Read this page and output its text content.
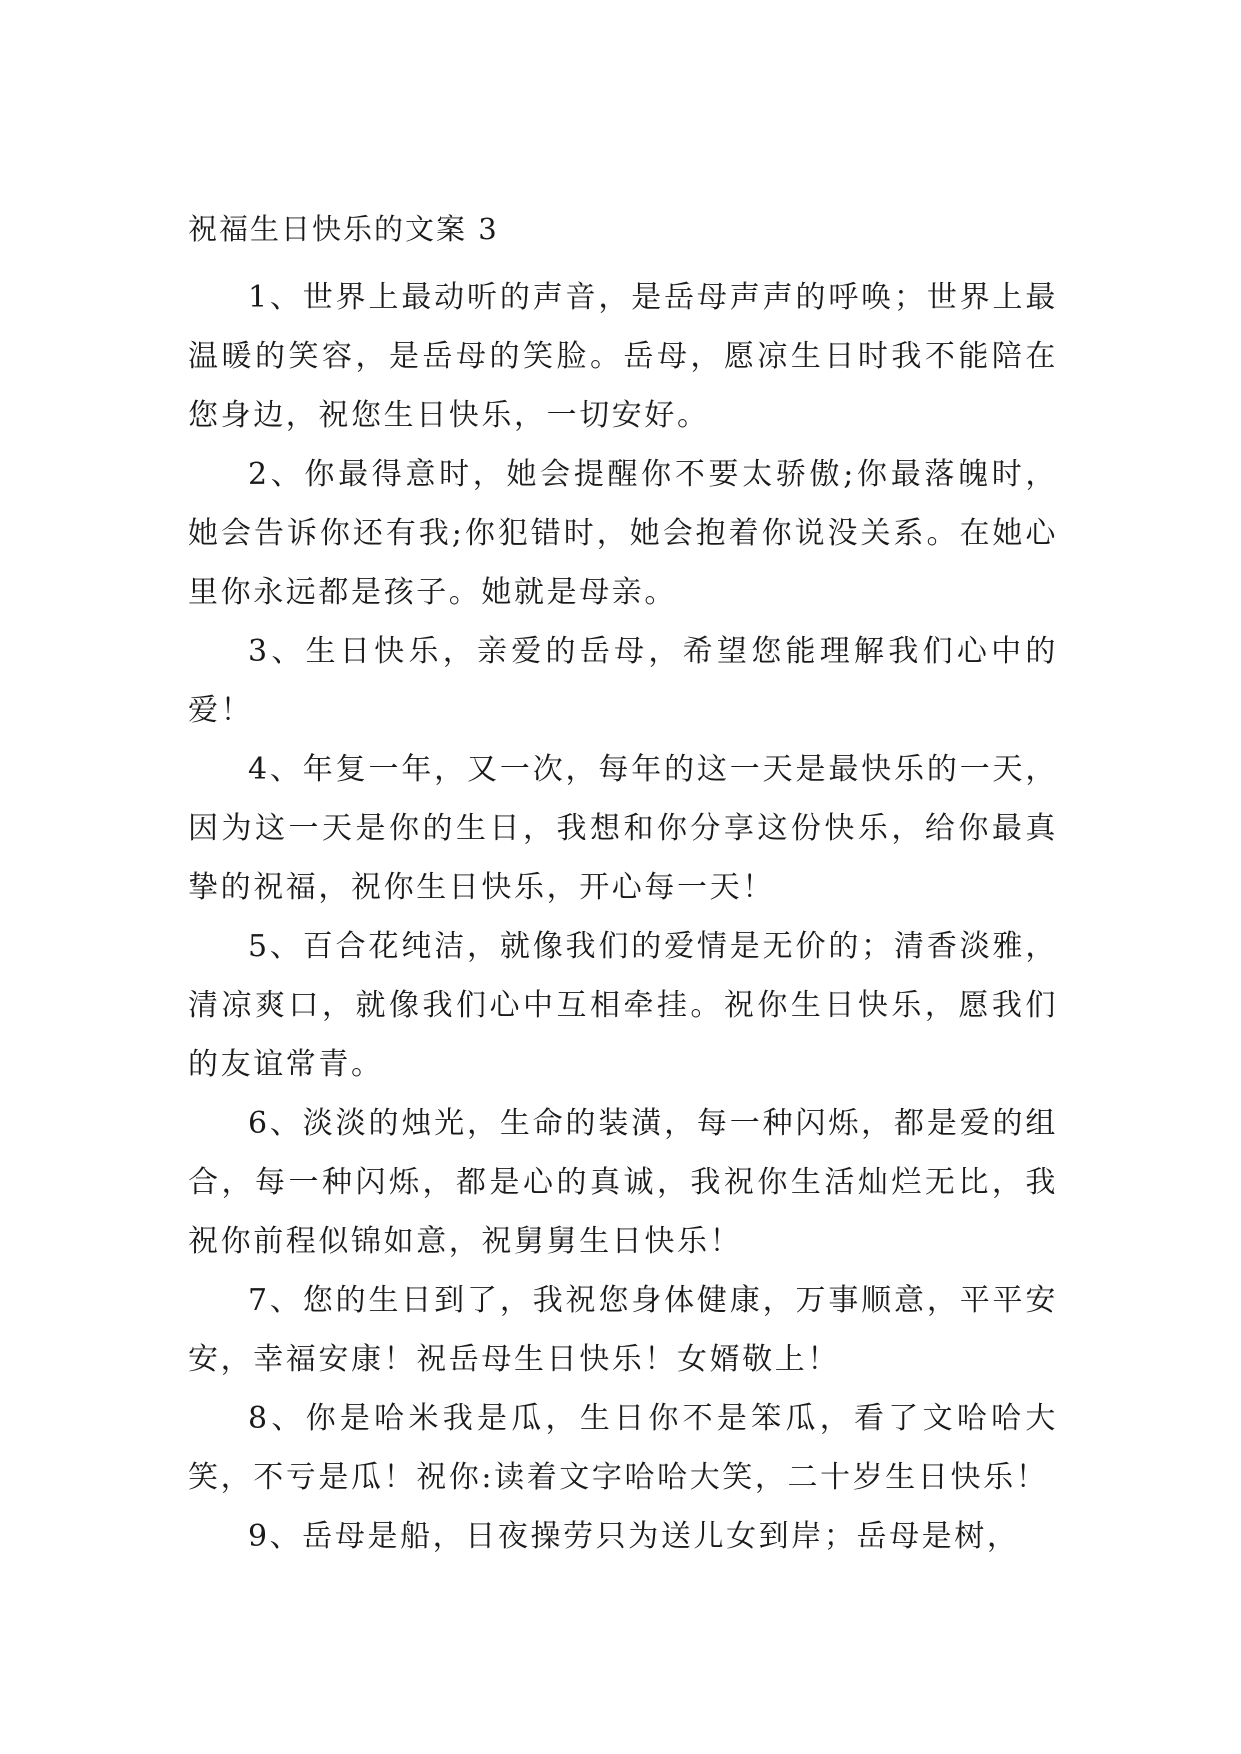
祝福生日快乐的文案 3

1、世界上最动听的声音，是岳母声声的呼唤；世界上最温暖的笑容，是岳母的笑脸。岳母，愿凉生日时我不能陪在您身边，祝您生日快乐，一切安好。

2、你最得意时，她会提醒你不要太骄傲;你最落魄时，她会告诉你还有我;你犯错时，她会抱着你说没关系。在她心里你永远都是孩子。她就是母亲。

3、生日快乐，亲爱的岳母，希望您能理解我们心中的爱！

4、年复一年，又一次，每年的这一天是最快乐的一天，因为这一天是你的生日，我想和你分享这份快乐，给你最真挚的祝福，祝你生日快乐，开心每一天！

5、百合花纯洁，就像我们的爱情是无价的；清香淡雅，清凉爽口，就像我们心中互相牵挂。祝你生日快乐，愿我们的友谊常青。

6、淡淡的烛光，生命的装潢，每一种闪烁，都是爱的组合，每一种闪烁，都是心的真诚，我祝你生活灿烂无比，我祝你前程似锦如意，祝舅舅生日快乐！

7、您的生日到了，我祝您身体健康，万事顺意，平平安安，幸福安康！祝岳母生日快乐！女婿敬上！

8、你是哈米我是瓜，生日你不是笨瓜，看了文哈哈大笑，不亏是瓜！祝你:读着文字哈哈大笑，二十岁生日快乐！

9、岳母是船，日夜操劳只为送儿女到岸；岳母是树，
